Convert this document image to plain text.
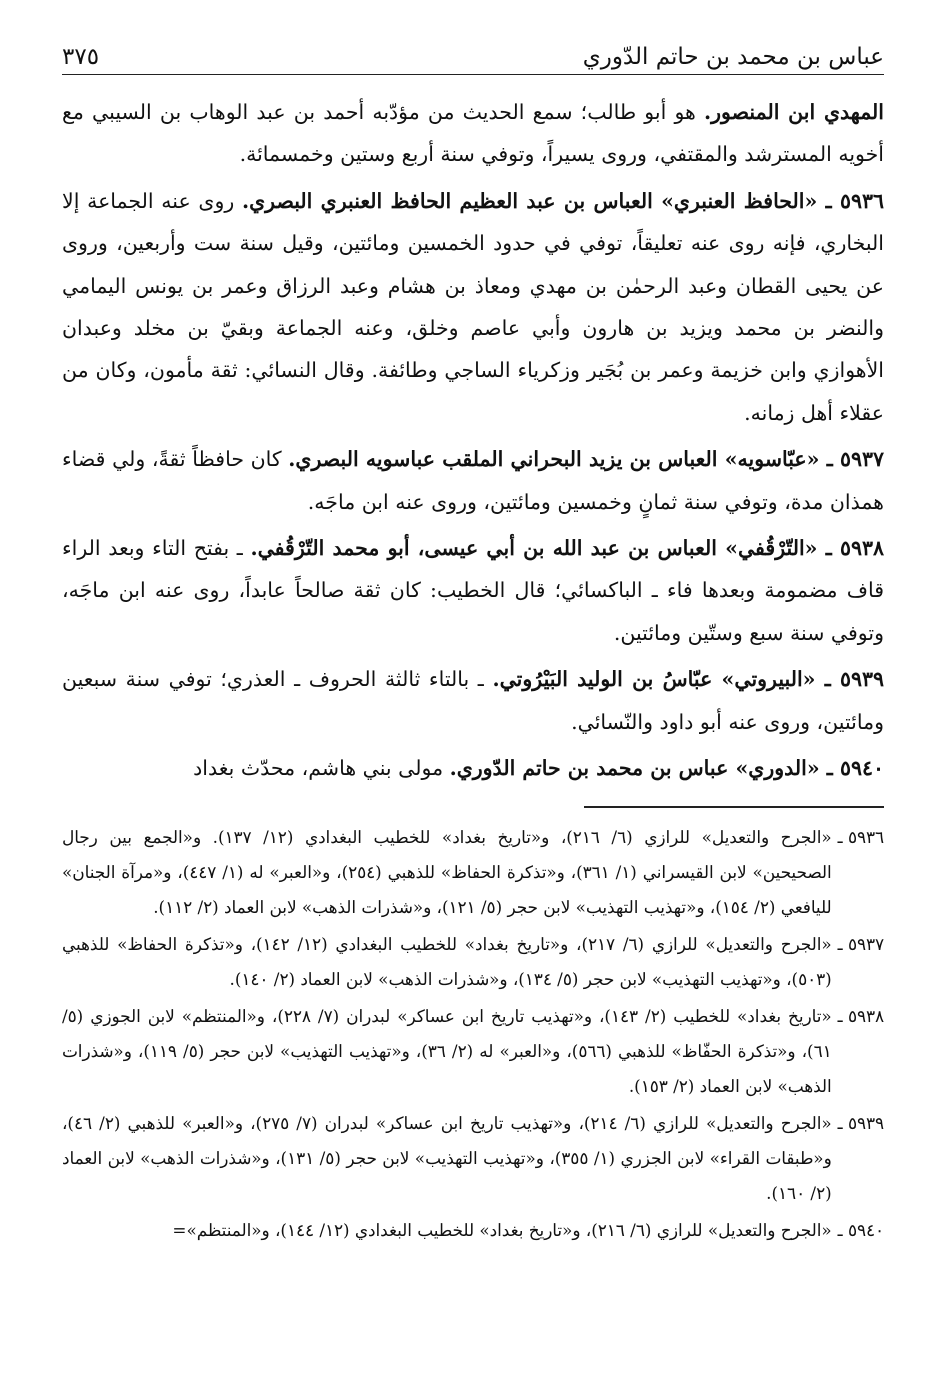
عباس بن محمد بن حاتم الدّوري
٣٧٥

المهدي ابن المنصور. هو أبو طالب؛ سمع الحديث من مؤدّبه أحمد بن عبد الوهاب بن السيبي مع أخويه المسترشد والمقتفي، وروى يسيراً، وتوفي سنة أربع وستين وخمسمائة.

٥٩٣٦ ـ «الحافظ العنبري» العباس بن عبد العظيم الحافظ العنبري البصري. روى عنه الجماعة إلا البخاري، فإنه روى عنه تعليقاً، توفي في حدود الخمسين ومائتين، وقيل سنة ست وأربعين، وروى عن يحيى القطان وعبد الرحمٰن بن مهدي ومعاذ بن هشام وعبد الرزاق وعمر بن يونس اليمامي والنضر بن محمد ويزيد بن هارون وأبي عاصم وخلق، وعنه الجماعة وبقيّ بن مخلد وعبدان الأهوازي وابن خزيمة وعمر بن بُجَير وزكرياء الساجي وطائفة. وقال النسائي: ثقة مأمون، وكان من عقلاء أهل زمانه.

٥٩٣٧ ـ «عبّاسويه» العباس بن يزيد البحراني الملقب عباسويه البصري. كان حافظاً ثقةً، ولي قضاء همذان مدة، وتوفي سنة ثمانٍ وخمسين ومائتين، وروى عنه ابن ماجَه.

٥٩٣٨ ـ «التّرْقُفي» العباس بن عبد الله بن أبي عيسى، أبو محمد التّرْقُفي. ـ بفتح التاء وبعد الراء قاف مضمومة وبعدها فاء ـ الباكسائي؛ قال الخطيب: كان ثقة صالحاً عابداً، روى عنه ابن ماجَه، وتوفي سنة سبع وستّين ومائتين.

٥٩٣٩ ـ «البيروتي» عبّاسُ بن الوليد البَيْرُوتي. ـ بالتاء ثالثة الحروف ـ العذري؛ توفي سنة سبعين ومائتين، وروى عنه أبو داود والنّسائي.

٥٩٤٠ ـ «الدوري» عباس بن محمد بن حاتم الدّوري. مولى بني هاشم، محدّث بغداد

٥٩٣٦ ـ
«الجرح والتعديل» للرازي (٦/ ٢١٦)، و«تاريخ بغداد» للخطيب البغدادي (١٢/ ١٣٧). و«الجمع بين رجال الصحيحين» لابن القيسراني (١/ ٣٦١)، و«تذكرة الحفاظ» للذهبي (٢٥٤)، و«العبر» له (١/ ٤٤٧)، و«مرآة الجنان» لليافعي (٢/ ١٥٤)، و«تهذيب التهذيب» لابن حجر (٥/ ١٢١)، و«شذرات الذهب» لابن العماد (٢/ ١١٢).
٥٩٣٧ ـ
«الجرح والتعديل» للرازي (٦/ ٢١٧)، و«تاريخ بغداد» للخطيب البغدادي (١٢/ ١٤٢)، و«تذكرة الحفاظ» للذهبي (٥٠٣)، و«تهذيب التهذيب» لابن حجر (٥/ ١٣٤)، و«شذرات الذهب» لابن العماد (٢/ ١٤٠).
٥٩٣٨ ـ
«تاريخ بغداد» للخطيب (٢/ ١٤٣)، و«تهذيب تاريخ ابن عساكر» لبدران (٧/ ٢٢٨)، و«المنتظم» لابن الجوزي (٥/ ٦١)، و«تذكرة الحفّاظ» للذهبي (٥٦٦)، و«العبر» له (٢/ ٣٦)، و«تهذيب التهذيب» لابن حجر (٥/ ١١٩)، و«شذرات الذهب» لابن العماد (٢/ ١٥٣).
٥٩٣٩ ـ
«الجرح والتعديل» للرازي (٦/ ٢١٤)، و«تهذيب تاريخ ابن عساكر» لبدران (٧/ ٢٧٥)، و«العبر» للذهبي (٢/ ٤٦)، و«طبقات القراء» لابن الجزري (١/ ٣٥٥)، و«تهذيب التهذيب» لابن حجر (٥/ ١٣١)، و«شذرات الذهب» لابن العماد (٢/ ١٦٠).
٥٩٤٠ ـ
«الجرح والتعديل» للرازي (٦/ ٢١٦)، و«تاريخ بغداد» للخطيب البغدادي (١٢/ ١٤٤)، و«المنتظم»=
